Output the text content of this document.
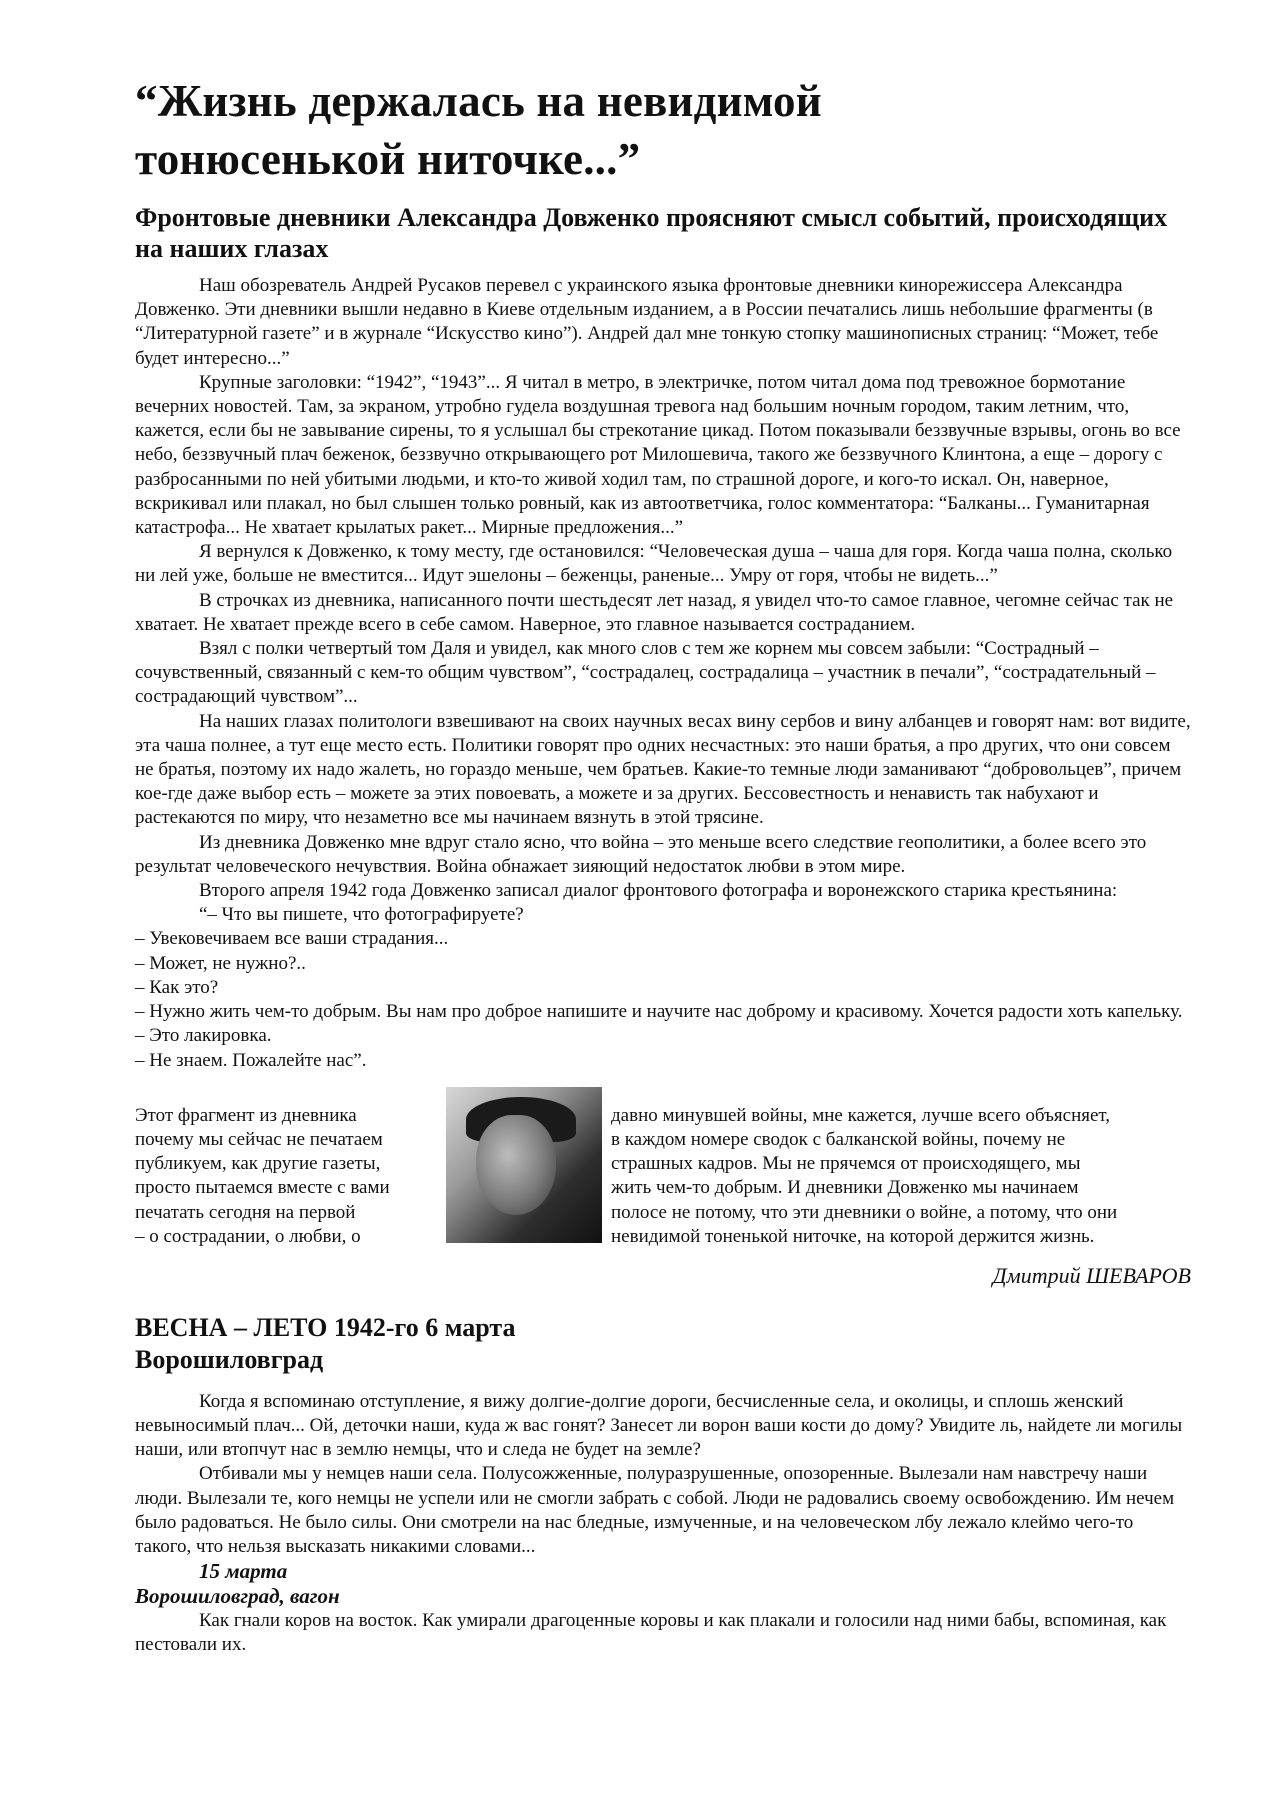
“Жизнь держалась на невидимой
тонюсенькой ниточке...”
Фронтовые дневники Александра Довженко проясняют смысл событий, происходящих на наших глазах

Наш обозреватель Андрей Русаков перевел с украинского языка фронтовые дневники кинорежиссера Александра Довженко. Эти дневники вышли недавно в Киеве отдельным изданием, а в России печатались лишь небольшие фрагменты (в “Литературной газете” и в журнале “Искусство кино”). Андрей дал мне тонкую стопку машинописных страниц: “Может, тебе будет интересно...”

Крупные заголовки: “1942”, “1943”... Я читал в метро, в электричке, потом читал дома под тревожное бормотание вечерних новостей. Там, за экраном, утробно гудела воздушная тревога над большим ночным городом, таким летним, что, кажется, если бы не завывание сирены, то я услышал бы стрекотание цикад. Потом показывали беззвучные взрывы, огонь во все небо, беззвучный плач беженок, беззвучно открывающего рот Милошевича, такого же беззвучного Клинтона, а еще – дорогу с разбросанными по ней убитыми людьми, и кто-то живой ходил там, по страшной дороге, и кого-то искал. Он, наверное, вскрикивал или плакал, но был слышен только ровный, как из автоответчика, голос комментатора: “Балканы... Гуманитарная катастрофа... Не хватает крылатых ракет... Мирные предложения...”

Я вернулся к Довженко, к тому месту, где остановился: “Человеческая душа – чаша для горя. Когда чаша полна, сколько ни лей уже, больше не вместится... Идут эшелоны – беженцы, раненые... Умру от горя, чтобы не видеть...”

В строчках из дневника, написанного почти шестьдесят лет назад, я увидел что-то самое главное, чегомне сейчас так не хватает. Не хватает прежде всего в себе самом. Наверное, это главное называется состраданием.

Взял с полки четвертый том Даля и увидел, как много слов с тем же корнем мы совсем забыли: “Сострадный – сочувственный, связанный с кем-то общим чувством”, “сострадалец, сострадалица – участник в печали”, “сострадательный – сострадающий чувством”...

На наших глазах политологи взвешивают на своих научных весах вину сербов и вину албанцев и говорят нам: вот видите, эта чаша полнее, а тут еще место есть. Политики говорят про одних несчастных: это наши братья, а про других, что они совсем не братья, поэтому их надо жалеть, но гораздо меньше, чем братьев. Какие-то темные люди заманивают “добровольцев”, причем кое-где даже выбор есть – можете за этих повоевать, а можете и за других. Бессовестность и ненависть так набухают и растекаются по миру, что незаметно все мы начинаем вязнуть в этой трясине.

Из дневника Довженко мне вдруг стало ясно, что война – это меньше всего следствие геополитики, а более всего это результат человеческого нечувствия. Война обнажает зияющий недостаток любви в этом мире.

Второго апреля 1942 года Довженко записал диалог фронтового фотографа и воронежского старика крестьянина:

“– Что вы пишете, что фотографируете?

– Увековечиваем все ваши страдания...

– Может, не нужно?..

– Как это?

– Нужно жить чем-то добрым. Вы нам про доброе напишите и научите нас доброму и красивому. Хочется радости хоть капельку.

– Это лакировка.

– Не знаем. Пожалейте нас”.

Этот фрагмент из дневника
почему мы сейчас не печатаем
публикуем, как другие газеты,
просто пытаемся вместе с вами
печатать сегодня на первой
– о сострадании, о любви, о
давно минувшей войны, мне кажется, лучше всего объясняет,
в каждом номере сводок с балканской войны, почему не
страшных кадров. Мы не прячемся от происходящего, мы
жить чем-то добрым. И дневники Довженко мы начинаем
полосе не потому, что эти дневники о войне, а потому, что они
невидимой тоненькой ниточке, на которой держится жизнь.
Дмитрий ШЕВАРОВ
ВЕСНА – ЛЕТО 1942-го 6 марта
Ворошиловград

Когда я вспоминаю отступление, я вижу долгие-долгие дороги, бесчисленные села, и околицы, и сплошь женский невыносимый плач... Ой, деточки наши, куда ж вас гонят? Занесет ли ворон ваши кости до дому? Увидите ль, найдете ли могилы наши, или втопчут нас в землю немцы, что и следа не будет на земле?

Отбивали мы у немцев наши села. Полусожженные, полуразрушенные, опозоренные. Вылезали нам навстречу наши люди. Вылезали те, кого немцы не успели или не смогли забрать с собой. Люди не радовались своему освобождению. Им нечем было радоваться. Не было силы. Они смотрели на нас бледные, измученные, и на человеческом лбу лежало клеймо чего-то такого, что нельзя высказать никакими словами...

15 марта
Ворошиловград, вагон

Как гнали коров на восток. Как умирали драгоценные коровы и как плакали и голосили над ними бабы, вспоминая, как пестовали их.
